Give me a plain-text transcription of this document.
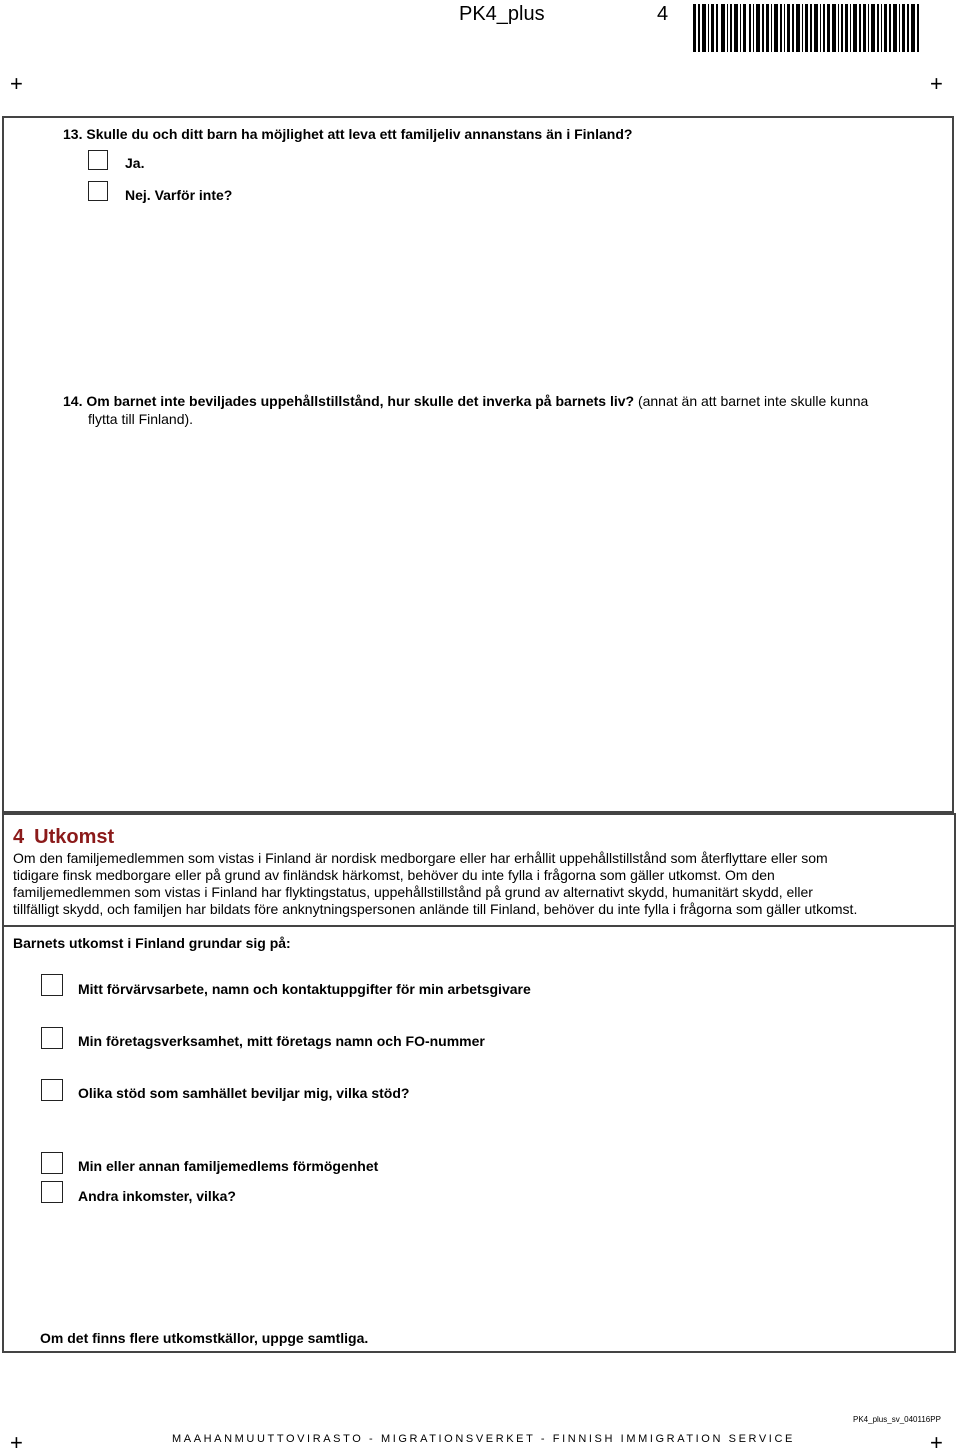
PK4_plus	4
+	+
+	+
13. Skulle du och ditt barn ha möjlighet att leva ett familjeliv annanstans än i Finland?
Ja.
Nej. Varför inte?
14. Om barnet inte beviljades uppehållstillstånd, hur skulle det inverka på barnets liv? (annat än att barnet inte skulle kunna
flytta till Finland).
4 Utkomst
Om den familjemedlemmen som vistas i Finland är nordisk medborgare eller har erhållit uppehållstillstånd som återflyttare eller som
tidigare finsk medborgare eller på grund av finländsk härkomst, behöver du inte fylla i frågorna som gäller utkomst. Om den
familjemedlemmen som vistas i Finland har flyktingstatus, uppehållstillstånd på grund av alternativt skydd, humanitärt skydd, eller
tillfälligt skydd, och familjen har bildats före anknytningspersonen anlände till Finland, behöver du inte fylla i frågorna som gäller utkomst.
Barnets utkomst i Finland grundar sig på:
Mitt förvärvsarbete, namn och kontaktuppgifter för min arbetsgivare
Min företagsverksamhet, mitt företags namn och FO-nummer
Olika stöd som samhället beviljar mig, vilka stöd?
Min eller annan familjemedlems förmögenhet
Andra inkomster, vilka?
Om det finns flere utkomstkällor, uppge samtliga.
PK4_plus_sv_040116PP
MAAHANMUUTTOVIRASTO - MIGRATIONSVERKET - FINNISH IMMIGRATION SERVICE
